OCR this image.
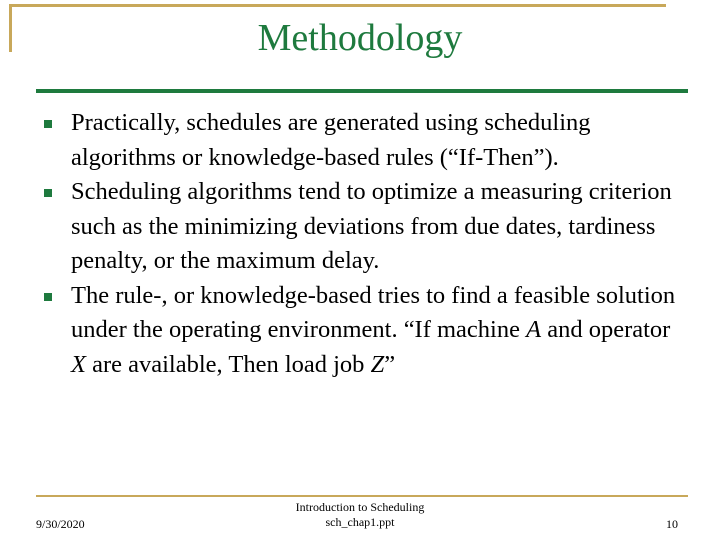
Methodology

Practically, schedules are generated using scheduling algorithms or knowledge-based rules (“If-Then”).

Scheduling algorithms tend to optimize a measuring criterion such as the minimizing deviations from due dates, tardiness penalty, or the maximum delay.

The rule-, or knowledge-based tries to find a feasible solution under the operating environment. “If machine A and operator X are available, Then load job Z”

9/30/2020
Introduction to Scheduling
sch_chap1.ppt	10
